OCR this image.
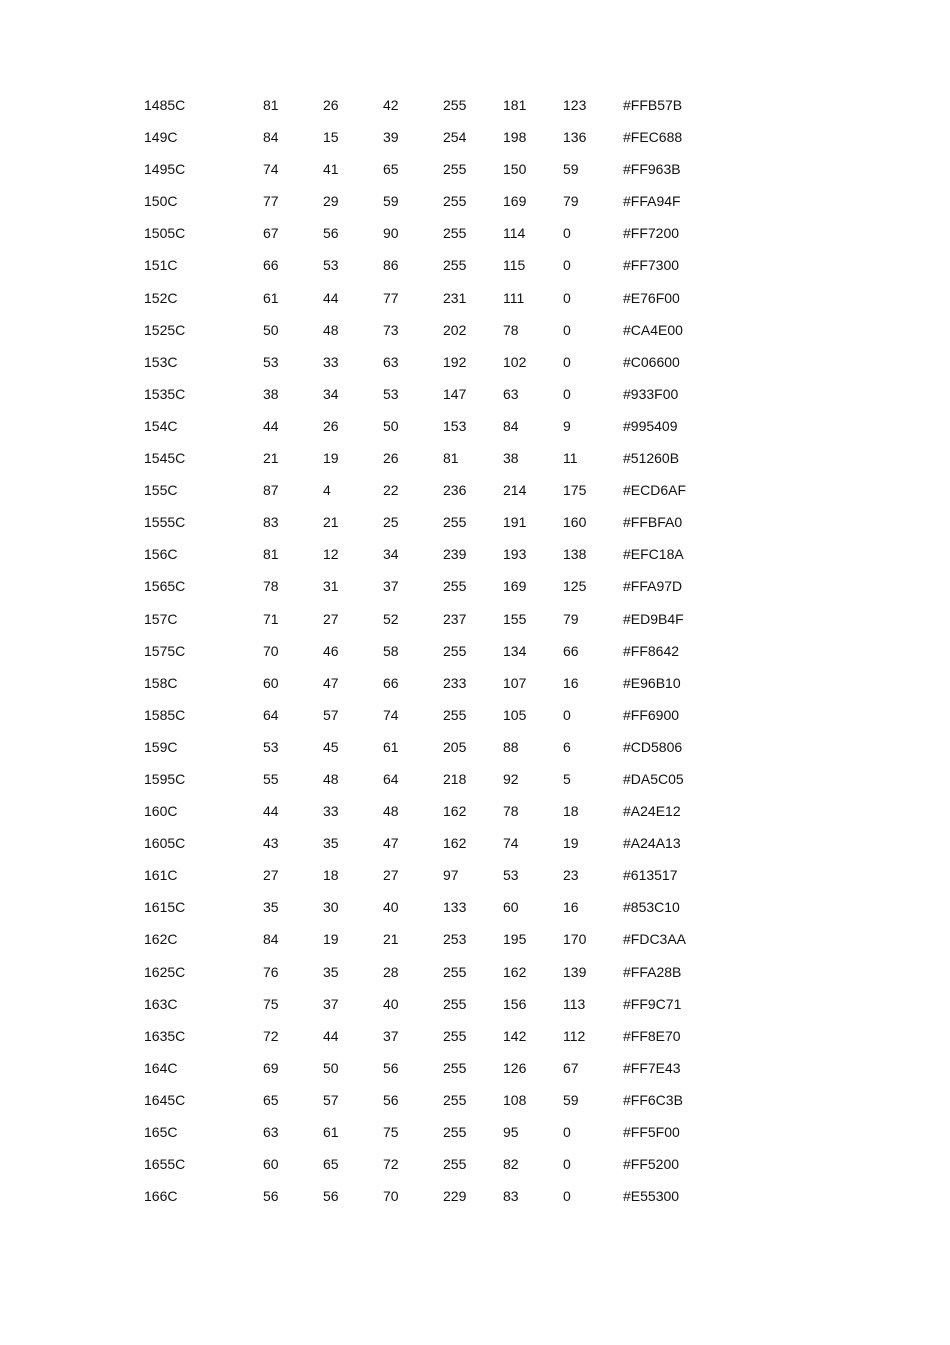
1485C	81	26	42	255	181	123	#FFB57B
149C	84	15	39	254	198	136	#FEC688
1495C	74	41	65	255	150	59	#FF963B
150C	77	29	59	255	169	79	#FFA94F
1505C	67	56	90	255	114	0	#FF7200
151C	66	53	86	255	115	0	#FF7300
152C	61	44	77	231	111	0	#E76F00
1525C	50	48	73	202	78	0	#CA4E00
153C	53	33	63	192	102	0	#C06600
1535C	38	34	53	147	63	0	#933F00
154C	44	26	50	153	84	9	#995409
1545C	21	19	26	81	38	11	#51260B
155C	87	4	22	236	214	175	#ECD6AF
1555C	83	21	25	255	191	160	#FFBFA0
156C	81	12	34	239	193	138	#EFC18A
1565C	78	31	37	255	169	125	#FFA97D
157C	71	27	52	237	155	79	#ED9B4F
1575C	70	46	58	255	134	66	#FF8642
158C	60	47	66	233	107	16	#E96B10
1585C	64	57	74	255	105	0	#FF6900
159C	53	45	61	205	88	6	#CD5806
1595C	55	48	64	218	92	5	#DA5C05
160C	44	33	48	162	78	18	#A24E12
1605C	43	35	47	162	74	19	#A24A13
161C	27	18	27	97	53	23	#613517
1615C	35	30	40	133	60	16	#853C10
162C	84	19	21	253	195	170	#FDC3AA
1625C	76	35	28	255	162	139	#FFA28B
163C	75	37	40	255	156	113	#FF9C71
1635C	72	44	37	255	142	112	#FF8E70
164C	69	50	56	255	126	67	#FF7E43
1645C	65	57	56	255	108	59	#FF6C3B
165C	63	61	75	255	95	0	#FF5F00
1655C	60	65	72	255	82	0	#FF5200
166C	56	56	70	229	83	0	#E55300
